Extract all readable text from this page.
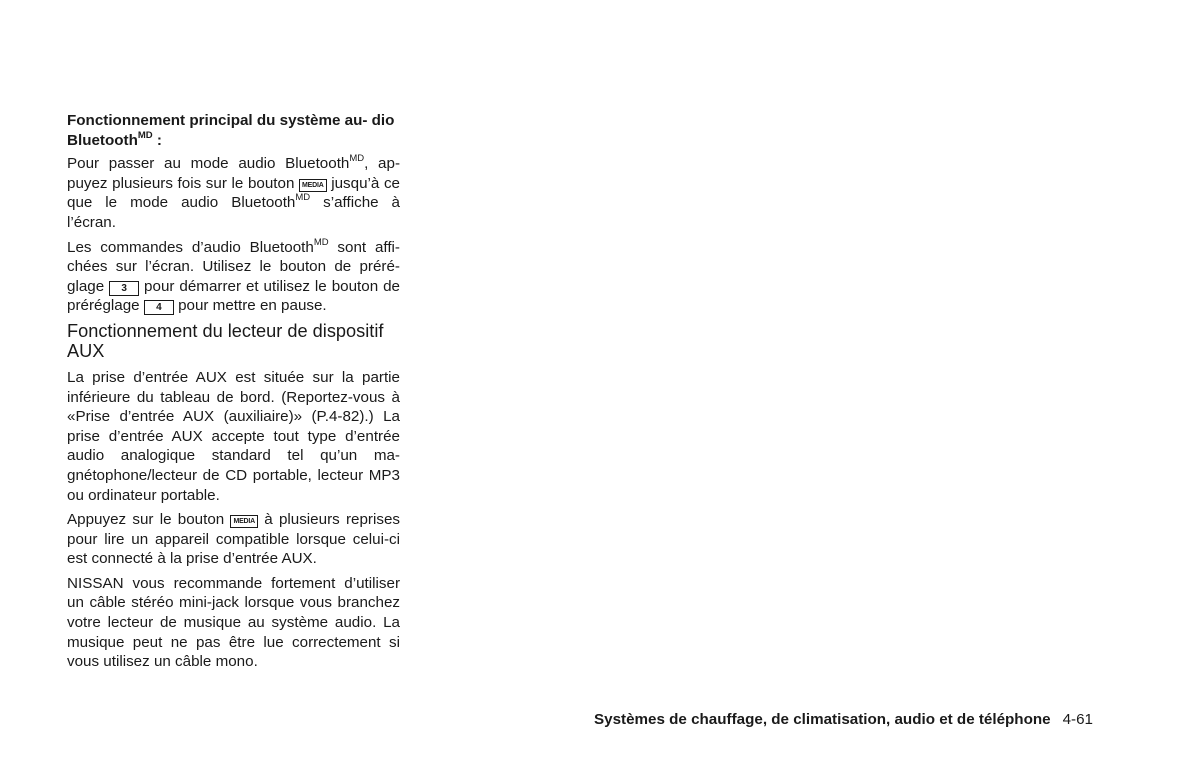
Fonctionnement principal du système au- dio Bluetooth$^{MD}$ :

Pour passer au mode audio Bluetooth$^{MD}$, ap- puyez plusieurs fois sur le bouton MEDIA jusqu’à ce que le mode audio Bluetooth$^{MD}$ s’affiche à l’écran.

Les commandes d’audio Bluetooth$^{MD}$ sont affi- chées sur l’écran. Utilisez le bouton de préré- glage 3 pour démarrer et utilisez le bouton de préréglage 4 pour mettre en pause.

Fonctionnement du lecteur de dispositif AUX

La prise d’entrée AUX est située sur la partie inférieure du tableau de bord. (Reportez-vous à «Prise d’entrée AUX (auxiliaire)» (P.4-82).) La prise d’entrée AUX accepte tout type d’entrée audio analogique standard tel qu’un ma- gnétophone/lecteur de CD portable, lecteur MP3 ou ordinateur portable.

Appuyez sur le bouton MEDIA à plusieurs reprises pour lire un appareil compatible lorsque celui-ci est connecté à la prise d’entrée AUX.

NISSAN vous recommande fortement d’utiliser un câble stéréo mini-jack lorsque vous branchez votre lecteur de musique au système audio. La musique peut ne pas être lue correctement si vous utilisez un câble mono.

Systèmes de chauffage, de climatisation, audio et de téléphone 4-61
